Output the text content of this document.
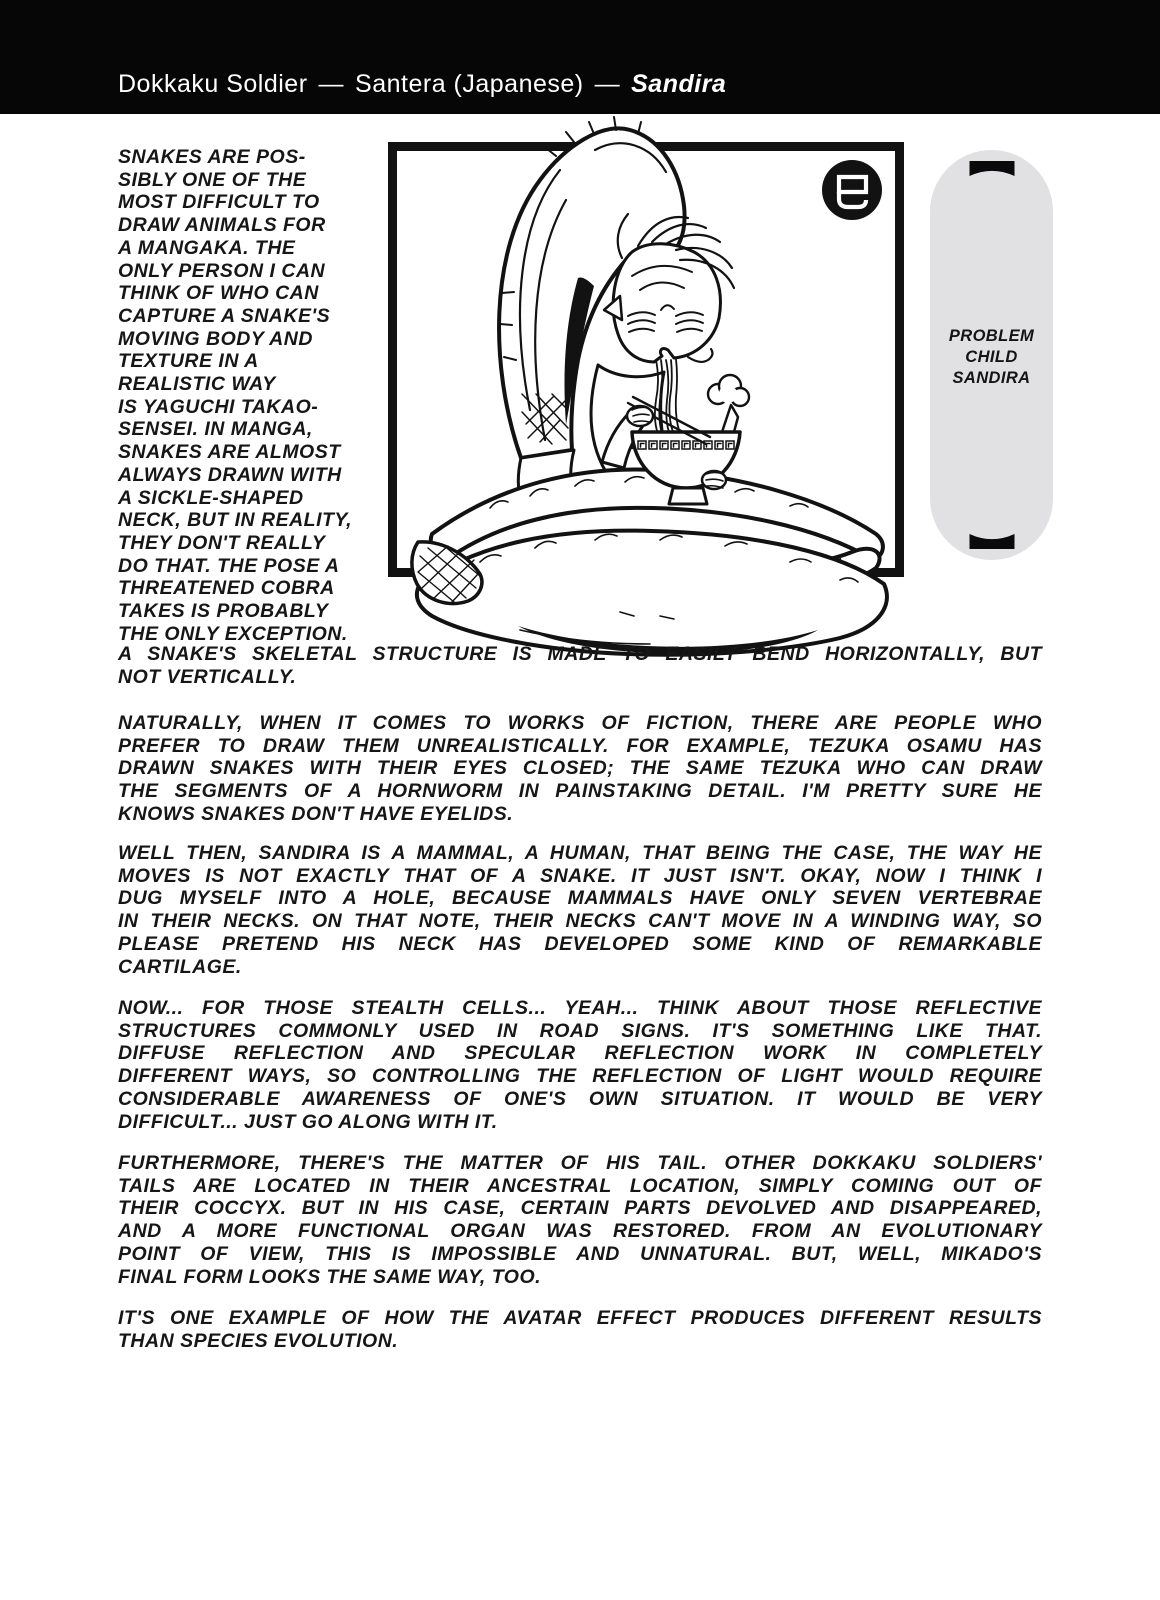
Dokkaku Soldier — Santera (Japanese) — Sandira
PROBLEM
CHILD
SANDIRA
SNAKES ARE POS-
SIBLY ONE OF THE
MOST DIFFICULT TO
DRAW ANIMALS FOR
A MANGAKA. THE
ONLY PERSON I CAN
THINK OF WHO CAN
CAPTURE A SNAKE'S
MOVING BODY AND
TEXTURE IN A
REALISTIC WAY
IS YAGUCHI TAKAO-
SENSEI. IN MANGA,
SNAKES ARE ALMOST
ALWAYS DRAWN WITH
A SICKLE-SHAPED
NECK, BUT IN REALITY,
THEY DON'T REALLY
DO THAT. THE POSE A
THREATENED COBRA
TAKES IS PROBABLY
THE ONLY EXCEPTION.
A SNAKE'S SKELETAL STRUCTURE IS MADE TO EASILY BEND HORIZONTALLY, BUT
NOT VERTICALLY.
NATURALLY, WHEN IT COMES TO WORKS OF FICTION, THERE ARE PEOPLE WHO
PREFER TO DRAW THEM UNREALISTICALLY. FOR EXAMPLE, TEZUKA OSAMU HAS
DRAWN SNAKES WITH THEIR EYES CLOSED; THE SAME TEZUKA WHO CAN DRAW
THE SEGMENTS OF A HORNWORM IN PAINSTAKING DETAIL. I'M PRETTY SURE HE
KNOWS SNAKES DON'T HAVE EYELIDS.
WELL THEN, SANDIRA IS A MAMMAL, A HUMAN, THAT BEING THE CASE, THE WAY HE
MOVES IS NOT EXACTLY THAT OF A SNAKE. IT JUST ISN'T. OKAY, NOW I THINK I
DUG MYSELF INTO A HOLE, BECAUSE MAMMALS HAVE ONLY SEVEN VERTEBRAE
IN THEIR NECKS. ON THAT NOTE, THEIR NECKS CAN'T MOVE IN A WINDING WAY, SO
PLEASE PRETEND HIS NECK HAS DEVELOPED SOME KIND OF REMARKABLE
CARTILAGE.
NOW... FOR THOSE STEALTH CELLS... YEAH... THINK ABOUT THOSE REFLECTIVE
STRUCTURES COMMONLY USED IN ROAD SIGNS. IT'S SOMETHING LIKE THAT.
DIFFUSE REFLECTION AND SPECULAR REFLECTION WORK IN COMPLETELY
DIFFERENT WAYS, SO CONTROLLING THE REFLECTION OF LIGHT WOULD REQUIRE
CONSIDERABLE AWARENESS OF ONE'S OWN SITUATION. IT WOULD BE VERY
DIFFICULT... JUST GO ALONG WITH IT.
FURTHERMORE, THERE'S THE MATTER OF HIS TAIL. OTHER DOKKAKU SOLDIERS'
TAILS ARE LOCATED IN THEIR ANCESTRAL LOCATION, SIMPLY COMING OUT OF
THEIR COCCYX. BUT IN HIS CASE, CERTAIN PARTS DEVOLVED AND DISAPPEARED,
AND A MORE FUNCTIONAL ORGAN WAS RESTORED. FROM AN EVOLUTIONARY
POINT OF VIEW, THIS IS IMPOSSIBLE AND UNNATURAL. BUT, WELL, MIKADO'S
FINAL FORM LOOKS THE SAME WAY, TOO.
IT'S ONE EXAMPLE OF HOW THE AVATAR EFFECT PRODUCES DIFFERENT RESULTS
THAN SPECIES EVOLUTION.
